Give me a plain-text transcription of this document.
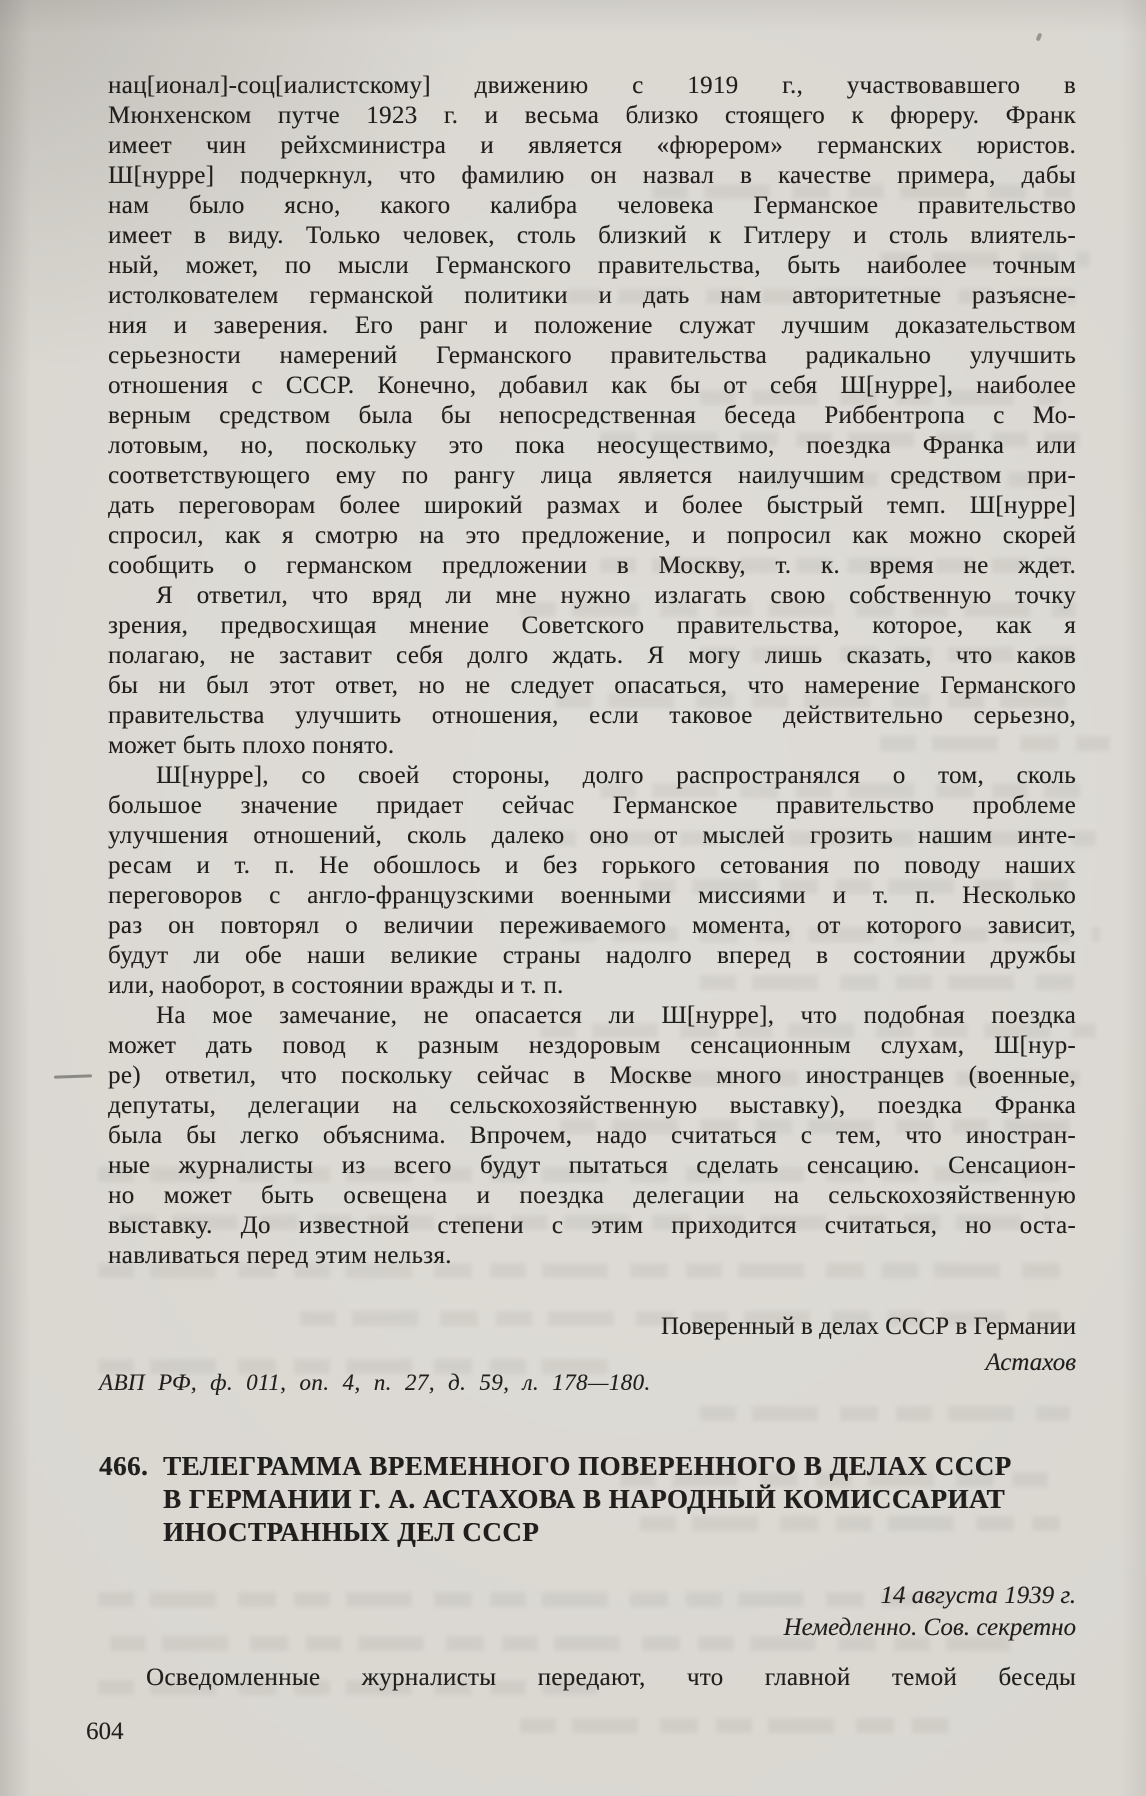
нац[ионал]-соц[иалистскому] движению с 1919 г., участвовавшего в
Мюнхенском путче 1923 г. и весьма близко стоящего к фюреру. Франк
имеет чин рейхсминистра и является «фюрером» германских юристов.
Ш[нурре] подчеркнул, что фамилию он назвал в качестве примера, дабы
нам было ясно, какого калибра человека Германское правительство
имеет в виду. Только человек, столь близкий к Гитлеру и столь влиятель-
ный, может, по мысли Германского правительства, быть наиболее точным
истолкователем германской политики и дать нам авторитетные разъясне-
ния и заверения. Его ранг и положение служат лучшим доказательством
серьезности намерений Германского правительства радикально улучшить
отношения с СССР. Конечно, добавил как бы от себя Ш[нурре], наиболее
верным средством была бы непосредственная беседа Риббентропа с Мо-
лотовым, но, поскольку это пока неосуществимо, поездка Франка или
соответствующего ему по рангу лица является наилучшим средством при-
дать переговорам более широкий размах и более быстрый темп. Ш[нурре]
спросил, как я смотрю на это предложение, и попросил как можно скорей
сообщить о германском предложении в Москву, т. к. время не ждет.
Я ответил, что вряд ли мне нужно излагать свою собственную точку
зрения, предвосхищая мнение Советского правительства, которое, как я
полагаю, не заставит себя долго ждать. Я могу лишь сказать, что каков
бы ни был этот ответ, но не следует опасаться, что намерение Германского
правительства улучшить отношения, если таковое действительно серьезно,
может быть плохо понято.
Ш[нурре], со своей стороны, долго распространялся о том, сколь
большое значение придает сейчас Германское правительство проблеме
улучшения отношений, сколь далеко оно от мыслей грозить нашим инте-
ресам и т. п. Не обошлось и без горького сетования по поводу наших
переговоров с англо-французскими военными миссиями и т. п. Несколько
раз он повторял о величии переживаемого момента, от которого зависит,
будут ли обе наши великие страны надолго вперед в состоянии дружбы
или, наоборот, в состоянии вражды и т. п.
На мое замечание, не опасается ли Ш[нурре], что подобная поездка
может дать повод к разным нездоровым сенсационным слухам, Ш[нур-
ре) ответил, что поскольку сейчас в Москве много иностранцев (военные,
депутаты, делегации на сельскохозяйственную выставку), поездка Франка
была бы легко объяснима. Впрочем, надо считаться с тем, что иностран-
ные журналисты из всего будут пытаться сделать сенсацию. Сенсацион-
но может быть освещена и поездка делегации на сельскохозяйственную
выставку. До известной степени с этим приходится считаться, но оста-
навливаться перед этим нельзя.
Поверенный в делах СССР в Германии
Астахов
АВП РФ, ф. 011, оп. 4, п. 27, д. 59, л. 178—180.
466. ТЕЛЕГРАММА ВРЕМЕННОГО ПОВЕРЕННОГО В ДЕЛАХ СССР
В ГЕРМАНИИ Г. А. АСТАХОВА В НАРОДНЫЙ КОМИССАРИАТ
ИНОСТРАННЫХ ДЕЛ СССР
14 августа 1939 г.
Немедленно. Сов. секретно
Осведомленные журналисты передают, что главной темой беседы
604
